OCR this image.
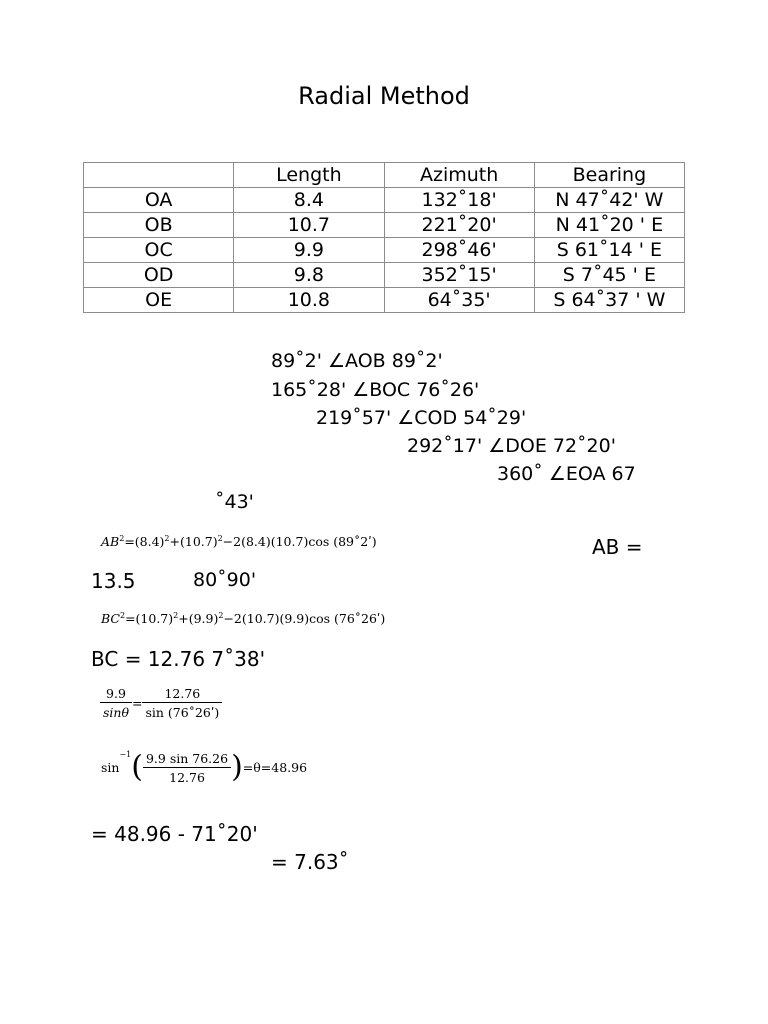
Radial Method
	Length	Azimuth	Bearing
OA	8.4	132˚18'	N 47˚42' W
OB	10.7	221˚20'	N 41˚20 ' E
OC	9.9	298˚46'	S 61˚14 ' E
OD	9.8	352˚15'	S 7˚45 ' E
OE	10.8	64˚35'	S 64˚37 ' W
89˚2' ∠AOB 89˚2'
165˚28' ∠BOC 76˚26'
219˚57' ∠COD 54˚29'
292˚17' ∠DOE 72˚20'
360˚ ∠EOA 67
˚43'
$AB^2=(8.4)^2+(10.7)^2-2(8.4)(10.7)\cos$ (89˚2ʹ)	AB =
13.5	80˚90'
$BC^2=(10.7)^2+(9.9)^2-2(10.7)(9.9)\cos$ (76˚26ʹ)
BC = 12.76 7˚38'
$\frac{9.9}{\sin\theta} = \frac{12.76}{\text{sin (76˚26ʹ)}}$
$\sin^{-1}( \frac{9.9 \sin 76.26}{12.76} )=\theta=48.96$
= 48.96 - 71˚20'
= 7.63˚
